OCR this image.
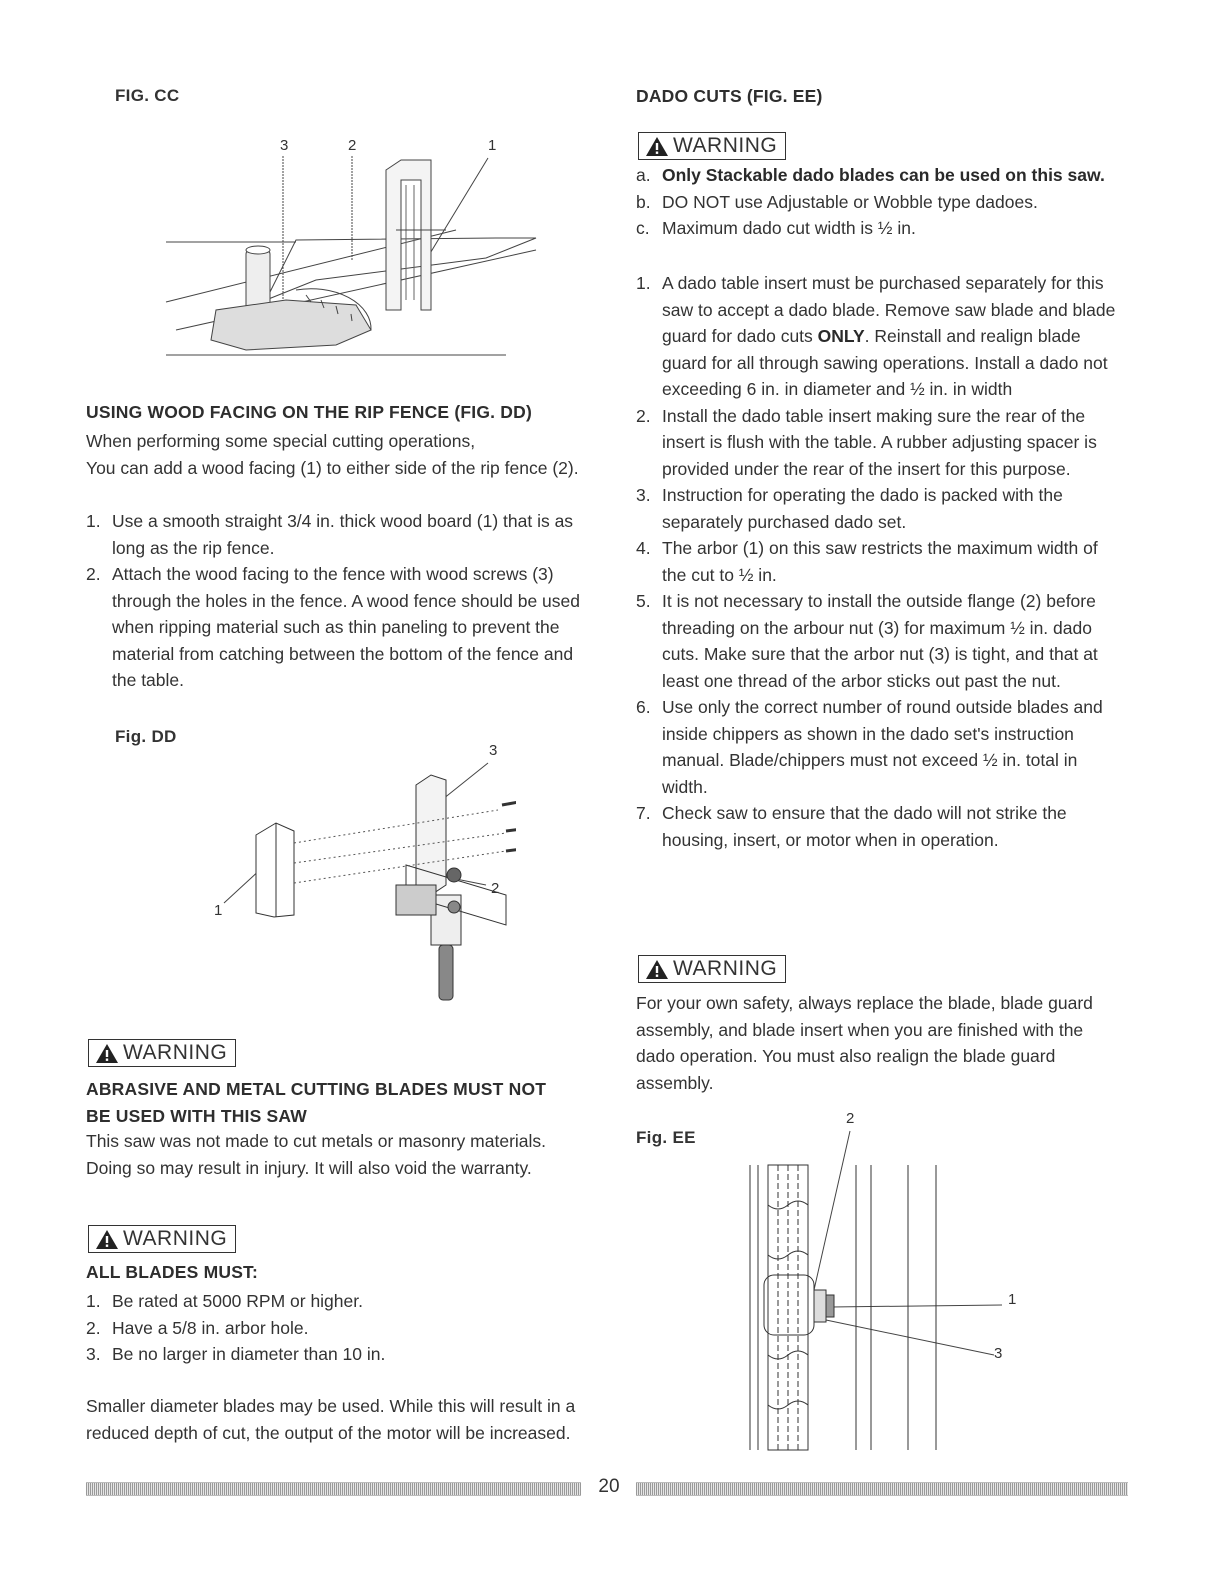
FIG. CC
3	2	1
USING WOOD FACING ON THE RIP FENCE (FIG. DD)
When performing some special cutting operations,
You can add a wood facing (1) to either side of the rip fence (2).
1. Use a smooth straight 3/4 in. thick wood board (1) that is as long as the rip fence.
2. Attach the wood facing to the fence with wood screws (3) through the holes in the fence. A wood fence should be used when ripping material such as thin paneling to prevent the material from catching between the bottom of the fence and the table.
Fig. DD
3
2
1
WARNING
ABRASIVE AND METAL CUTTING BLADES MUST NOT BE USED WITH THIS SAW
This saw was not made to cut metals or masonry materials. Doing so may result in injury. It will also void the warranty.
WARNING
ALL BLADES MUST:
1. Be rated at 5000 RPM or higher.
2. Have a 5/8 in. arbor hole.
3. Be no larger in diameter than 10 in.
Smaller diameter blades may be used. While this will result in a reduced depth of cut, the output of the motor will be increased.
DADO CUTS (FIG. EE)
WARNING
a. Only Stackable dado blades can be used on this saw.
b. DO NOT use Adjustable or Wobble type dadoes.
c. Maximum dado cut width is ½ in.
1. A dado table insert must be purchased separately for this saw to accept a dado blade. Remove saw blade and blade guard for dado cuts ONLY. Reinstall and realign blade guard for all through sawing operations. Install a dado not exceeding 6 in. in diameter and ½ in. in width
2. Install the dado table insert making sure the rear of the insert is flush with the table. A rubber adjusting spacer is provided under the rear of the insert for this purpose.
3. Instruction for operating the dado is packed with the separately purchased dado set.
4. The arbor (1) on this saw restricts the maximum width of the cut to ½ in.
5. It is not necessary to install the outside flange (2) before threading on the arbour nut (3) for maximum ½ in. dado cuts. Make sure that the arbor nut (3) is tight, and that at least one thread of the arbor sticks out past the nut.
6. Use only the correct number of round outside blades and inside chippers as shown in the dado set's instruction manual. Blade/chippers must not exceed ½ in. total in width.
7. Check saw to ensure that the dado will not strike the housing, insert, or motor when in operation.
WARNING
For your own safety, always replace the blade, blade guard assembly, and blade insert when you are finished with the dado operation. You must also realign the blade guard assembly.
Fig. EE
2
1
3
20
